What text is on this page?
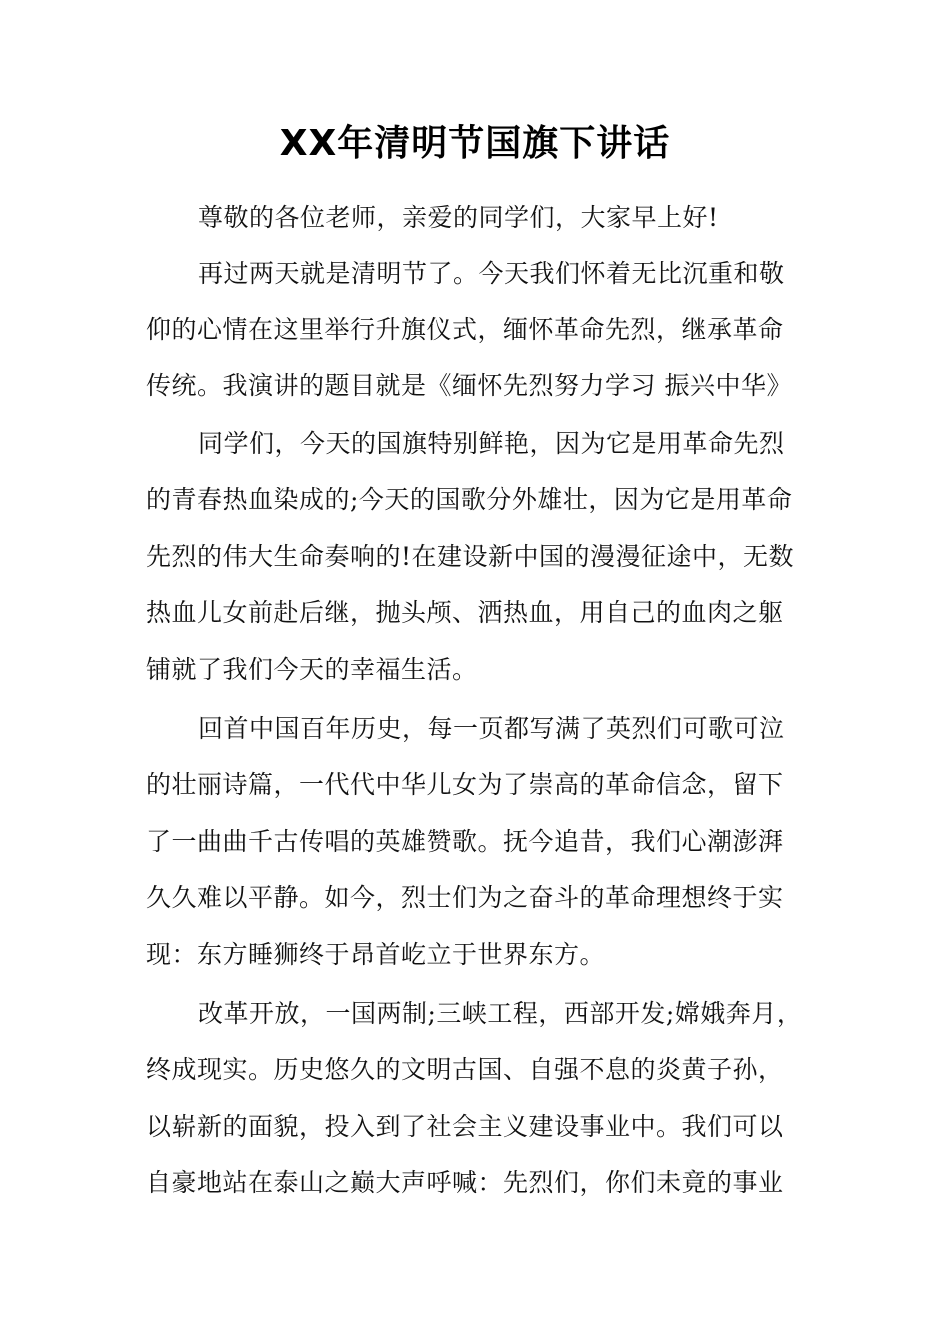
XX年清明节国旗下讲话

尊敬的各位老师，亲爱的同学们，大家早上好!

再过两天就是清明节了。今天我们怀着无比沉重和敬

仰的心情在这里举行升旗仪式，缅怀革命先烈，继承革命

传统。我演讲的题目就是《缅怀先烈努力学习 振兴中华》

同学们，今天的国旗特别鲜艳，因为它是用革命先烈

的青春热血染成的;今天的国歌分外雄壮，因为它是用革命

先烈的伟大生命奏响的!在建设新中国的漫漫征途中，无数

热血儿女前赴后继，抛头颅、洒热血，用自己的血肉之躯

铺就了我们今天的幸福生活。

回首中国百年历史，每一页都写满了英烈们可歌可泣

的壮丽诗篇，一代代中华儿女为了崇高的革命信念，留下

了一曲曲千古传唱的英雄赞歌。抚今追昔，我们心潮澎湃

久久难以平静。如今，烈士们为之奋斗的革命理想终于实

现：东方睡狮终于昂首屹立于世界东方。

改革开放，一国两制;三峡工程，西部开发;嫦娥奔月，

终成现实。历史悠久的文明古国、自强不息的炎黄子孙，

以崭新的面貌，投入到了社会主义建设事业中。我们可以

自豪地站在泰山之巅大声呼喊：先烈们，你们未竟的事业
